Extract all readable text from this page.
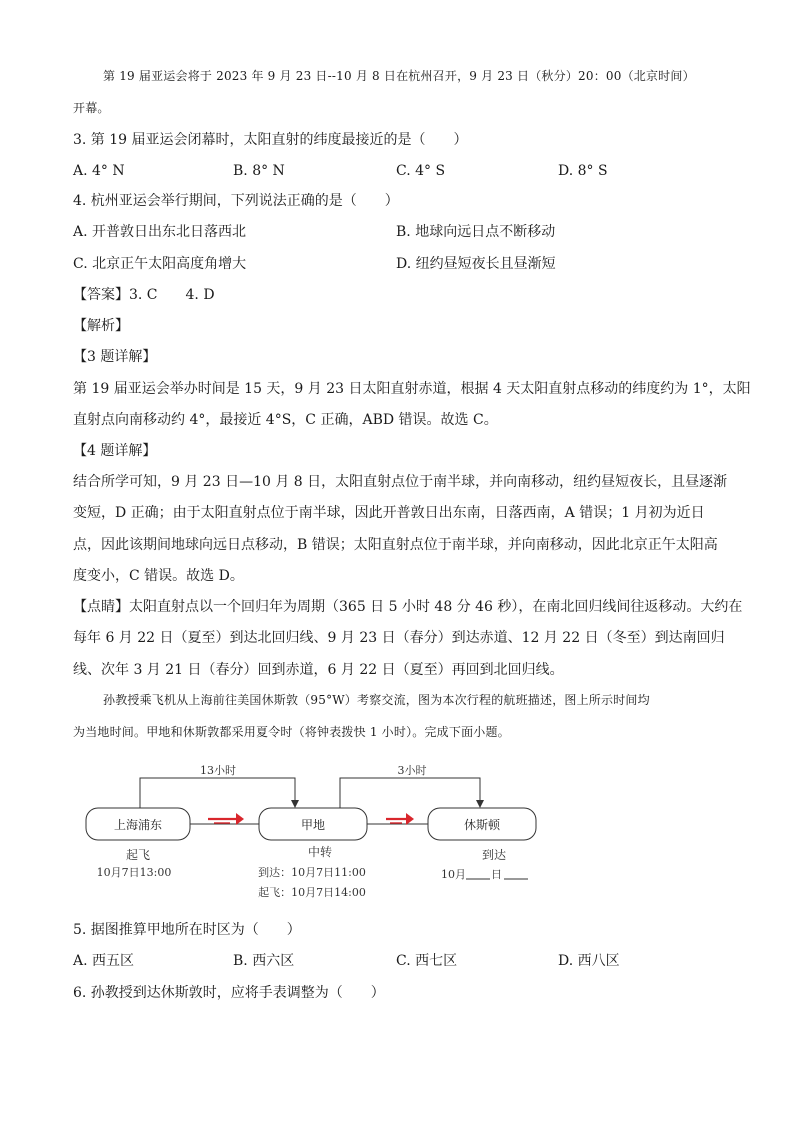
第 19 届亚运会将于 2023 年 9 月 23 日--10 月 8 日在杭州召开，9 月 23 日（秋分）20：00（北京时间）
开幕。
3. 第 19 届亚运会闭幕时，太阳直射的纬度最接近的是（　　）
A. 4° N	B. 8° N	C. 4° S	D. 8° S
4. 杭州亚运会举行期间，下列说法正确的是（　　）
A. 开普敦日出东北日落西北	B. 地球向远日点不断移动
C. 北京正午太阳高度角增大	D. 纽约昼短夜长且昼渐短
【答案】3. C　　4. D
【解析】
【3 题详解】
第 19 届亚运会举办时间是 15 天，9 月 23 日太阳直射赤道，根据 4 天太阳直射点移动的纬度约为 1°，太阳
直射点向南移动约 4°，最接近 4°S，C 正确，ABD 错误。故选 C。
【4 题详解】
结合所学可知，9 月 23 日—10 月 8 日，太阳直射点位于南半球，并向南移动，纽约昼短夜长，且昼逐渐
变短，D 正确；由于太阳直射点位于南半球，因此开普敦日出东南，日落西南，A 错误；1 月初为近日
点，因此该期间地球向远日点移动，B 错误；太阳直射点位于南半球，并向南移动，因此北京正午太阳高
度变小，C 错误。故选 D。
【点睛】太阳直射点以一个回归年为周期（365 日 5 小时 48 分 46 秒），在南北回归线间往返移动。大约在
每年 6 月 22 日（夏至）到达北回归线、9 月 23 日（春分）到达赤道、12 月 22 日（冬至）到达南回归
线、次年 3 月 21 日（春分）回到赤道，6 月 22 日（夏至）再回到北回归线。
孙教授乘飞机从上海前往美国休斯敦（95°W）考察交流，图为本次行程的航班描述，图上所示时间均
为当地时间。甲地和休斯敦都采用夏令时（将钟表拨快 1 小时）。完成下面小题。
13小时	3小时
上海浦东	甲地	休斯顿
起飞
10月7日13:00
中转
到达：10月7日11:00
起飞：10月7日14:00
到达
10月 日
5. 据图推算甲地所在时区为（　　）
A. 西五区	B. 西六区	C. 西七区	D. 西八区
6. 孙教授到达休斯敦时，应将手表调整为（　　）
